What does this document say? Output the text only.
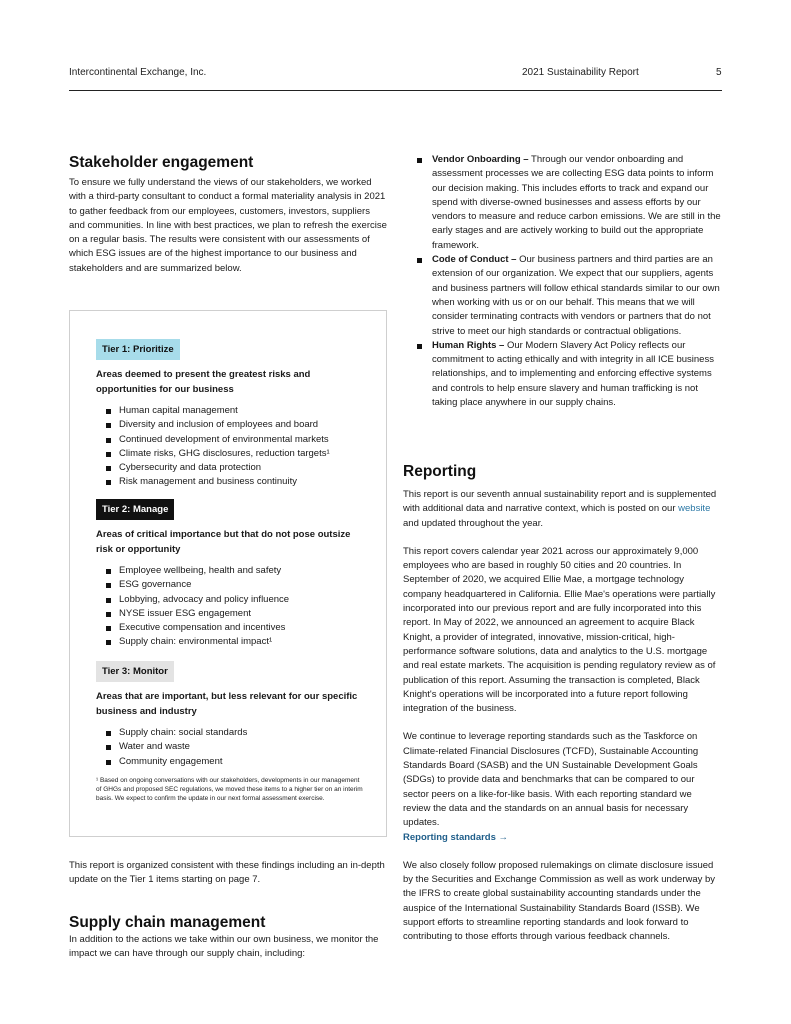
Intercontinental Exchange, Inc.	2021 Sustainability Report	5
Stakeholder engagement

To ensure we fully understand the views of our stakeholders, we worked with a third-party consultant to conduct a formal materiality analysis in 2021 to gather feedback from our employees, customers, investors, suppliers and communities. In line with best practices, we plan to refresh the exercise on a regular basis. The results were consistent with our assessments of which ESG issues are of the highest importance to our business and stakeholders and are summarized below.

Tier 1: Prioritize
Areas deemed to present the greatest risks and opportunities for our business
Human capital management
Diversity and inclusion of employees and board
Continued development of environmental markets
Climate risks, GHG disclosures, reduction targets¹
Cybersecurity and data protection
Risk management and business continuity
Tier 2: Manage
Areas of critical importance but that do not pose outsize risk or opportunity
Employee wellbeing, health and safety
ESG governance
Lobbying, advocacy and policy influence
NYSE issuer ESG engagement
Executive compensation and incentives
Supply chain: environmental impact¹
Tier 3: Monitor
Areas that are important, but less relevant for our specific business and industry
Supply chain: social standards
Water and waste
Community engagement
¹ Based on ongoing conversations with our stakeholders, developments in our management of GHGs and proposed SEC regulations, we moved these items to a higher tier on an interim basis. We expect to confirm the update in our next formal assessment exercise.

This report is organized consistent with these findings including an in-depth update on the Tier 1 items starting on page 7.

Supply chain management

In addition to the actions we take within our own business, we monitor the impact we can have through our supply chain, including:

Vendor Onboarding – Through our vendor onboarding and assessment processes we are collecting ESG data points to inform our decision making. This includes efforts to track and expand our spend with diverse-owned businesses and assess efforts by our vendors to measure and reduce carbon emissions. We are still in the early stages and are actively working to build out the appropriate framework.
Code of Conduct – Our business partners and third parties are an extension of our organization. We expect that our suppliers, agents and business partners will follow ethical standards similar to our own when working with us or on our behalf. This means that we will consider terminating contracts with vendors or partners that do not strive to meet our high standards or contractual obligations.
Human Rights – Our Modern Slavery Act Policy reflects our commitment to acting ethically and with integrity in all ICE business relationships, and to implementing and enforcing effective systems and controls to help ensure slavery and human trafficking is not taking place anywhere in our supply chains.
Reporting

This report is our seventh annual sustainability report and is supplemented with additional data and narrative context, which is posted on our website and updated throughout the year.

This report covers calendar year 2021 across our approximately 9,000 employees who are based in roughly 50 cities and 20 countries. In September of 2020, we acquired Ellie Mae, a mortgage technology company headquartered in California. Ellie Mae's operations were partially incorporated into our previous report and are fully incorporated into this report. In May of 2022, we announced an agreement to acquire Black Knight, a provider of integrated, innovative, mission-critical, high-performance software solutions, data and analytics to the U.S. mortgage and real estate markets. The acquisition is pending regulatory review as of publication of this report. Assuming the transaction is completed, Black Knight's operations will be incorporated into a future report following integration of the business.

We continue to leverage reporting standards such as the Taskforce on Climate-related Financial Disclosures (TCFD), Sustainable Accounting Standards Board (SASB) and the UN Sustainable Development Goals (SDGs) to provide data and benchmarks that can be compared to our sector peers on a like-for-like basis. With each reporting standard we review the data and the standards on an annual basis for necessary updates.

Reporting standards →

We also closely follow proposed rulemakings on climate disclosure issued by the Securities and Exchange Commission as well as work underway by the IFRS to create global sustainability accounting standards under the auspice of the International Sustainability Standards Board (ISSB). We support efforts to streamline reporting standards and look forward to contributing to those efforts through various feedback channels.
